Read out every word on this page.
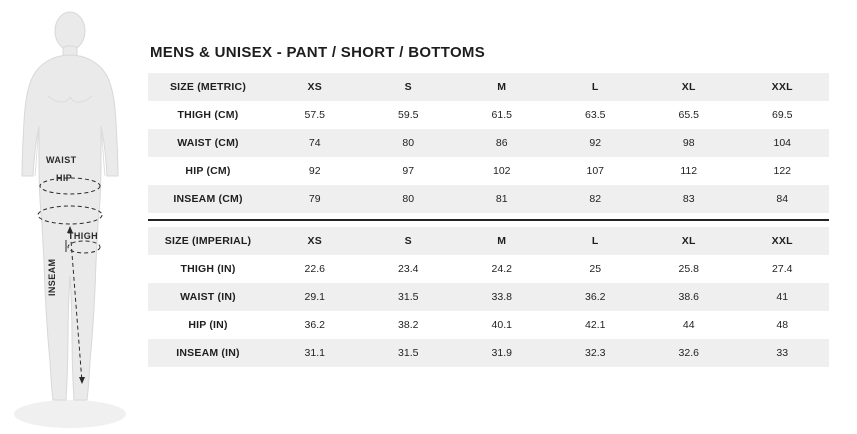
WAIST
HIP
THIGH
INSEAM
MENS & UNISEX - PANT / SHORT / BOTTOMS
SIZE (METRIC)	XS	S	M	L	XL	XXL
THIGH (CM)	57.5	59.5	61.5	63.5	65.5	69.5
WAIST (CM)	74	80	86	92	98	104
HIP (CM)	92	97	102	107	112	122
INSEAM (CM)	79	80	81	82	83	84
SIZE (IMPERIAL)	XS	S	M	L	XL	XXL
THIGH (IN)	22.6	23.4	24.2	25	25.8	27.4
WAIST (IN)	29.1	31.5	33.8	36.2	38.6	41
HIP (IN)	36.2	38.2	40.1	42.1	44	48
INSEAM (IN)	31.1	31.5	31.9	32.3	32.6	33
